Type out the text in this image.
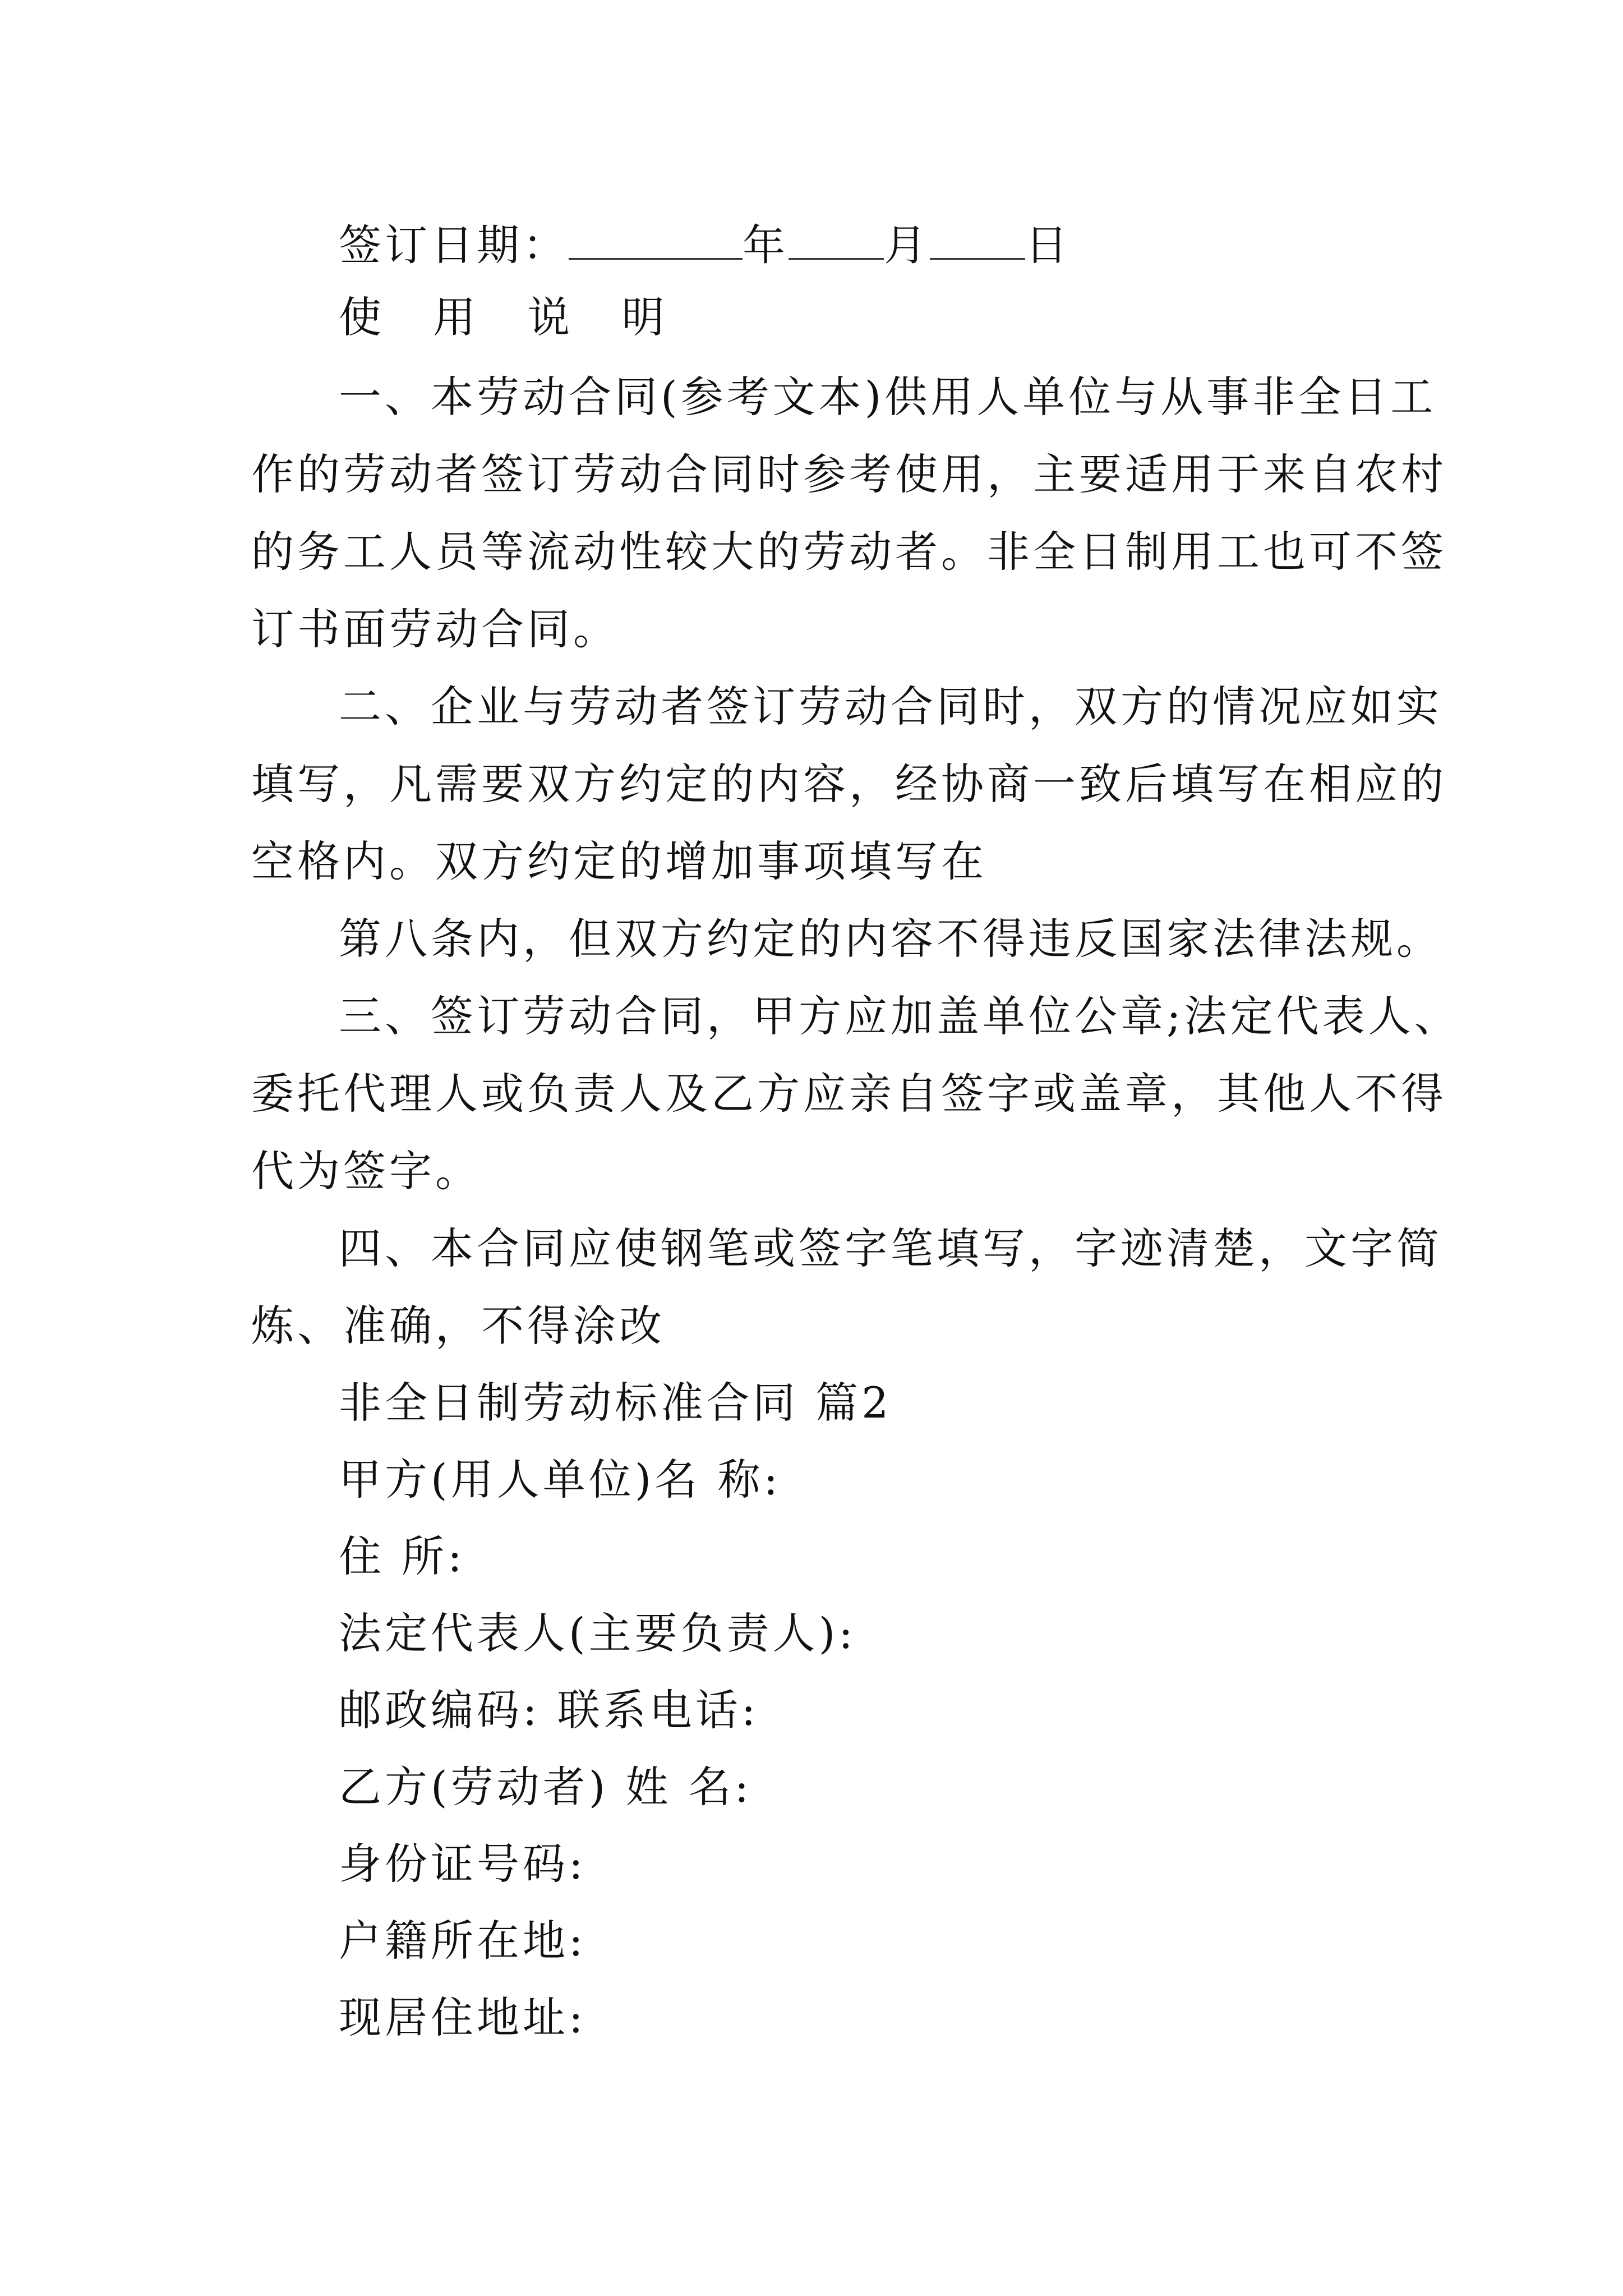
签订日期：	年 月 日
使 用 说 明
一、本劳动合同(参考文本)供用人单位与从事非全日工
作的劳动者签订劳动合同时参考使用，主要适用于来自农村
的务工人员等流动性较大的劳动者。非全日制用工也可不签
订书面劳动合同。
二、企业与劳动者签订劳动合同时，双方的情况应如实
填写，凡需要双方约定的内容，经协商一致后填写在相应的
空格内。双方约定的增加事项填写在
第八条内，但双方约定的内容不得违反国家法律法规。
三、签订劳动合同，甲方应加盖单位公章;法定代表人、
委托代理人或负责人及乙方应亲自签字或盖章，其他人不得
代为签字。
四、本合同应使钢笔或签字笔填写，字迹清楚，文字简
炼、准确，不得涂改
非全日制劳动标准合同 篇2
甲方(用人单位)名 称:
住 所:
法定代表人(主要负责人):
邮政编码: 联系电话:
乙方(劳动者) 姓 名:
身份证号码:
户籍所在地:
现居住地址:
